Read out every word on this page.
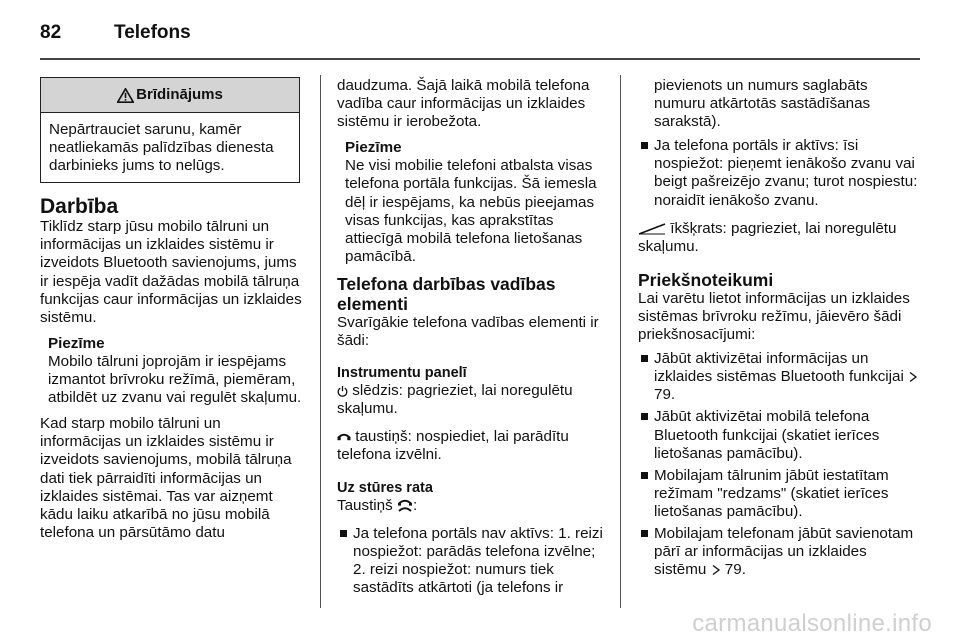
82	Telefons
Brīdinājums
Nepārtrauciet sarunu, kamēr neatliekamās palīdzības dienesta darbinieks jums to nelūgs.
Darbība

Tiklīdz starp jūsu mobilo tālruni un informācijas un izklaides sistēmu ir izveidots Bluetooth savienojums, jums ir iespēja vadīt dažādas mobilā tālruņa funkcijas caur informācijas un izklaides sistēmu.

Piezīme
Mobilo tālruni joprojām ir iespējams izmantot brīvroku režīmā, piemēram, atbildēt uz zvanu vai regulēt skaļumu.

Kad starp mobilo tālruni un informācijas un izklaides sistēmu ir izveidots savienojums, mobilā tālruņa dati tiek pārraidīti informācijas un izklaides sistēmai. Tas var aizņemt kādu laiku atkarībā no jūsu mobilā telefona un pārsūtāmo datu

daudzuma. Šajā laikā mobilā telefona vadība caur informācijas un izklaides sistēmu ir ierobežota.

Piezīme
Ne visi mobilie telefoni atbalsta visas telefona portāla funkcijas. Šā iemesla dēļ ir iespējams, ka nebūs pieejamas visas funkcijas, kas aprakstītas attiecīgā mobilā telefona lietošanas pamācībā.
Telefona darbības vadības elementi

Svarīgākie telefona vadības elementi ir šādi:

Instrumentu panelī

slēdzis: pagrieziet, lai noregulētu skaļumu.

taustiņš: nospiediet, lai parādītu telefona izvēlni.

Uz stūres rata

Taustiņš :

Ja telefona portāls nav aktīvs: 1. reizi nospiežot: parādās telefona izvēlne; 2. reizi nospiežot: numurs tiek sastādīts atkārtoti (ja telefons ir

pievienots un numurs saglabāts numuru atkārtotās sastādīšanas sarakstā).

Ja telefona portāls ir aktīvs: īsi nospiežot: pieņemt ienākošo zvanu vai beigt pašreizējo zvanu; turot nospiestu: noraidīt ienākošo zvanu.

īkšķrats: pagrieziet, lai noregulētu skaļumu.

Priekšnoteikumi

Lai varētu lietot informācijas un izklaides sistēmas brīvroku režīmu, jāievēro šādi priekšnosacījumi:

Jābūt aktivizētai informācijas un izklaides sistēmas Bluetooth funkcijai  79.
Jābūt aktivizētai mobilā telefona Bluetooth funkcijai (skatiet ierīces lietošanas pamācību).
Mobilajam tālrunim jābūt iestatītam režīmam "redzams" (skatiet ierīces lietošanas pamācību).
Mobilajam telefonam jābūt savienotam pārī ar informācijas un izklaides sistēmu 79.
carmanualsonline.info
